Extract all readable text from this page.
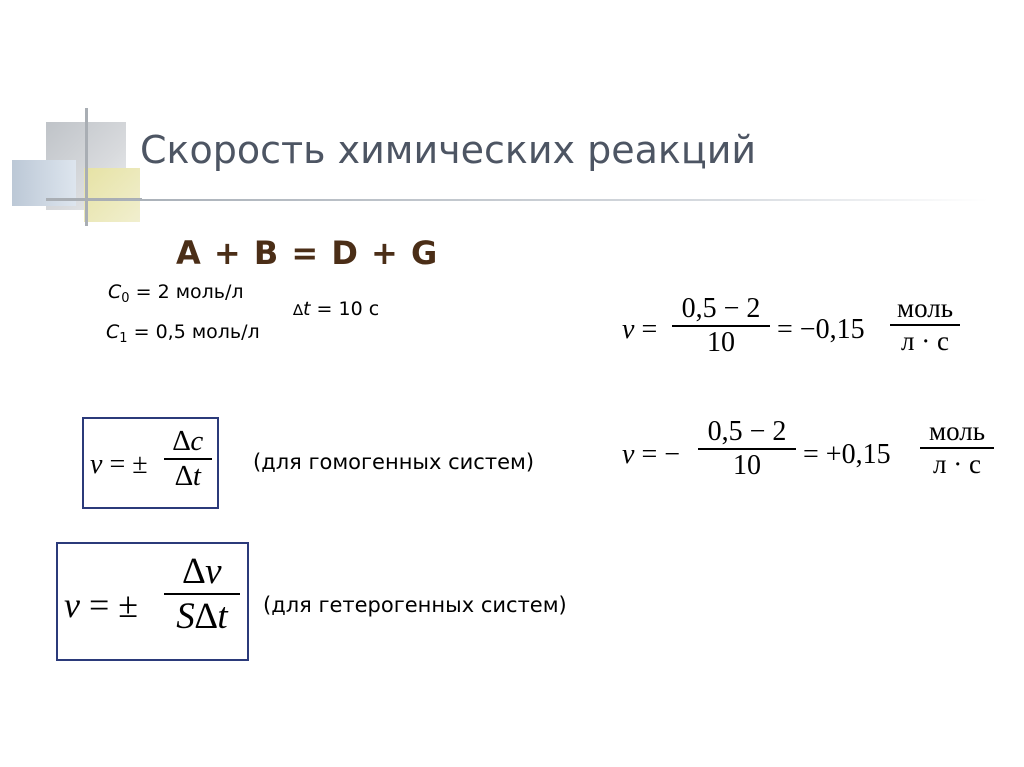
Скорость химических реакций
A + B = D + G
$C_0 = 2$ моль/л
$C_1 = 0,5$ моль/л
∆t = 10 с
v = ±
∆c
∆t	(для гомогенных систем)
v = ±
∆ν
S∆t	(для гетерогенных систем)
v =
0,5 − 2
10	= −0,15
моль
л · с
v = −
0,5 − 2
10	= +0,15
моль
л · с
